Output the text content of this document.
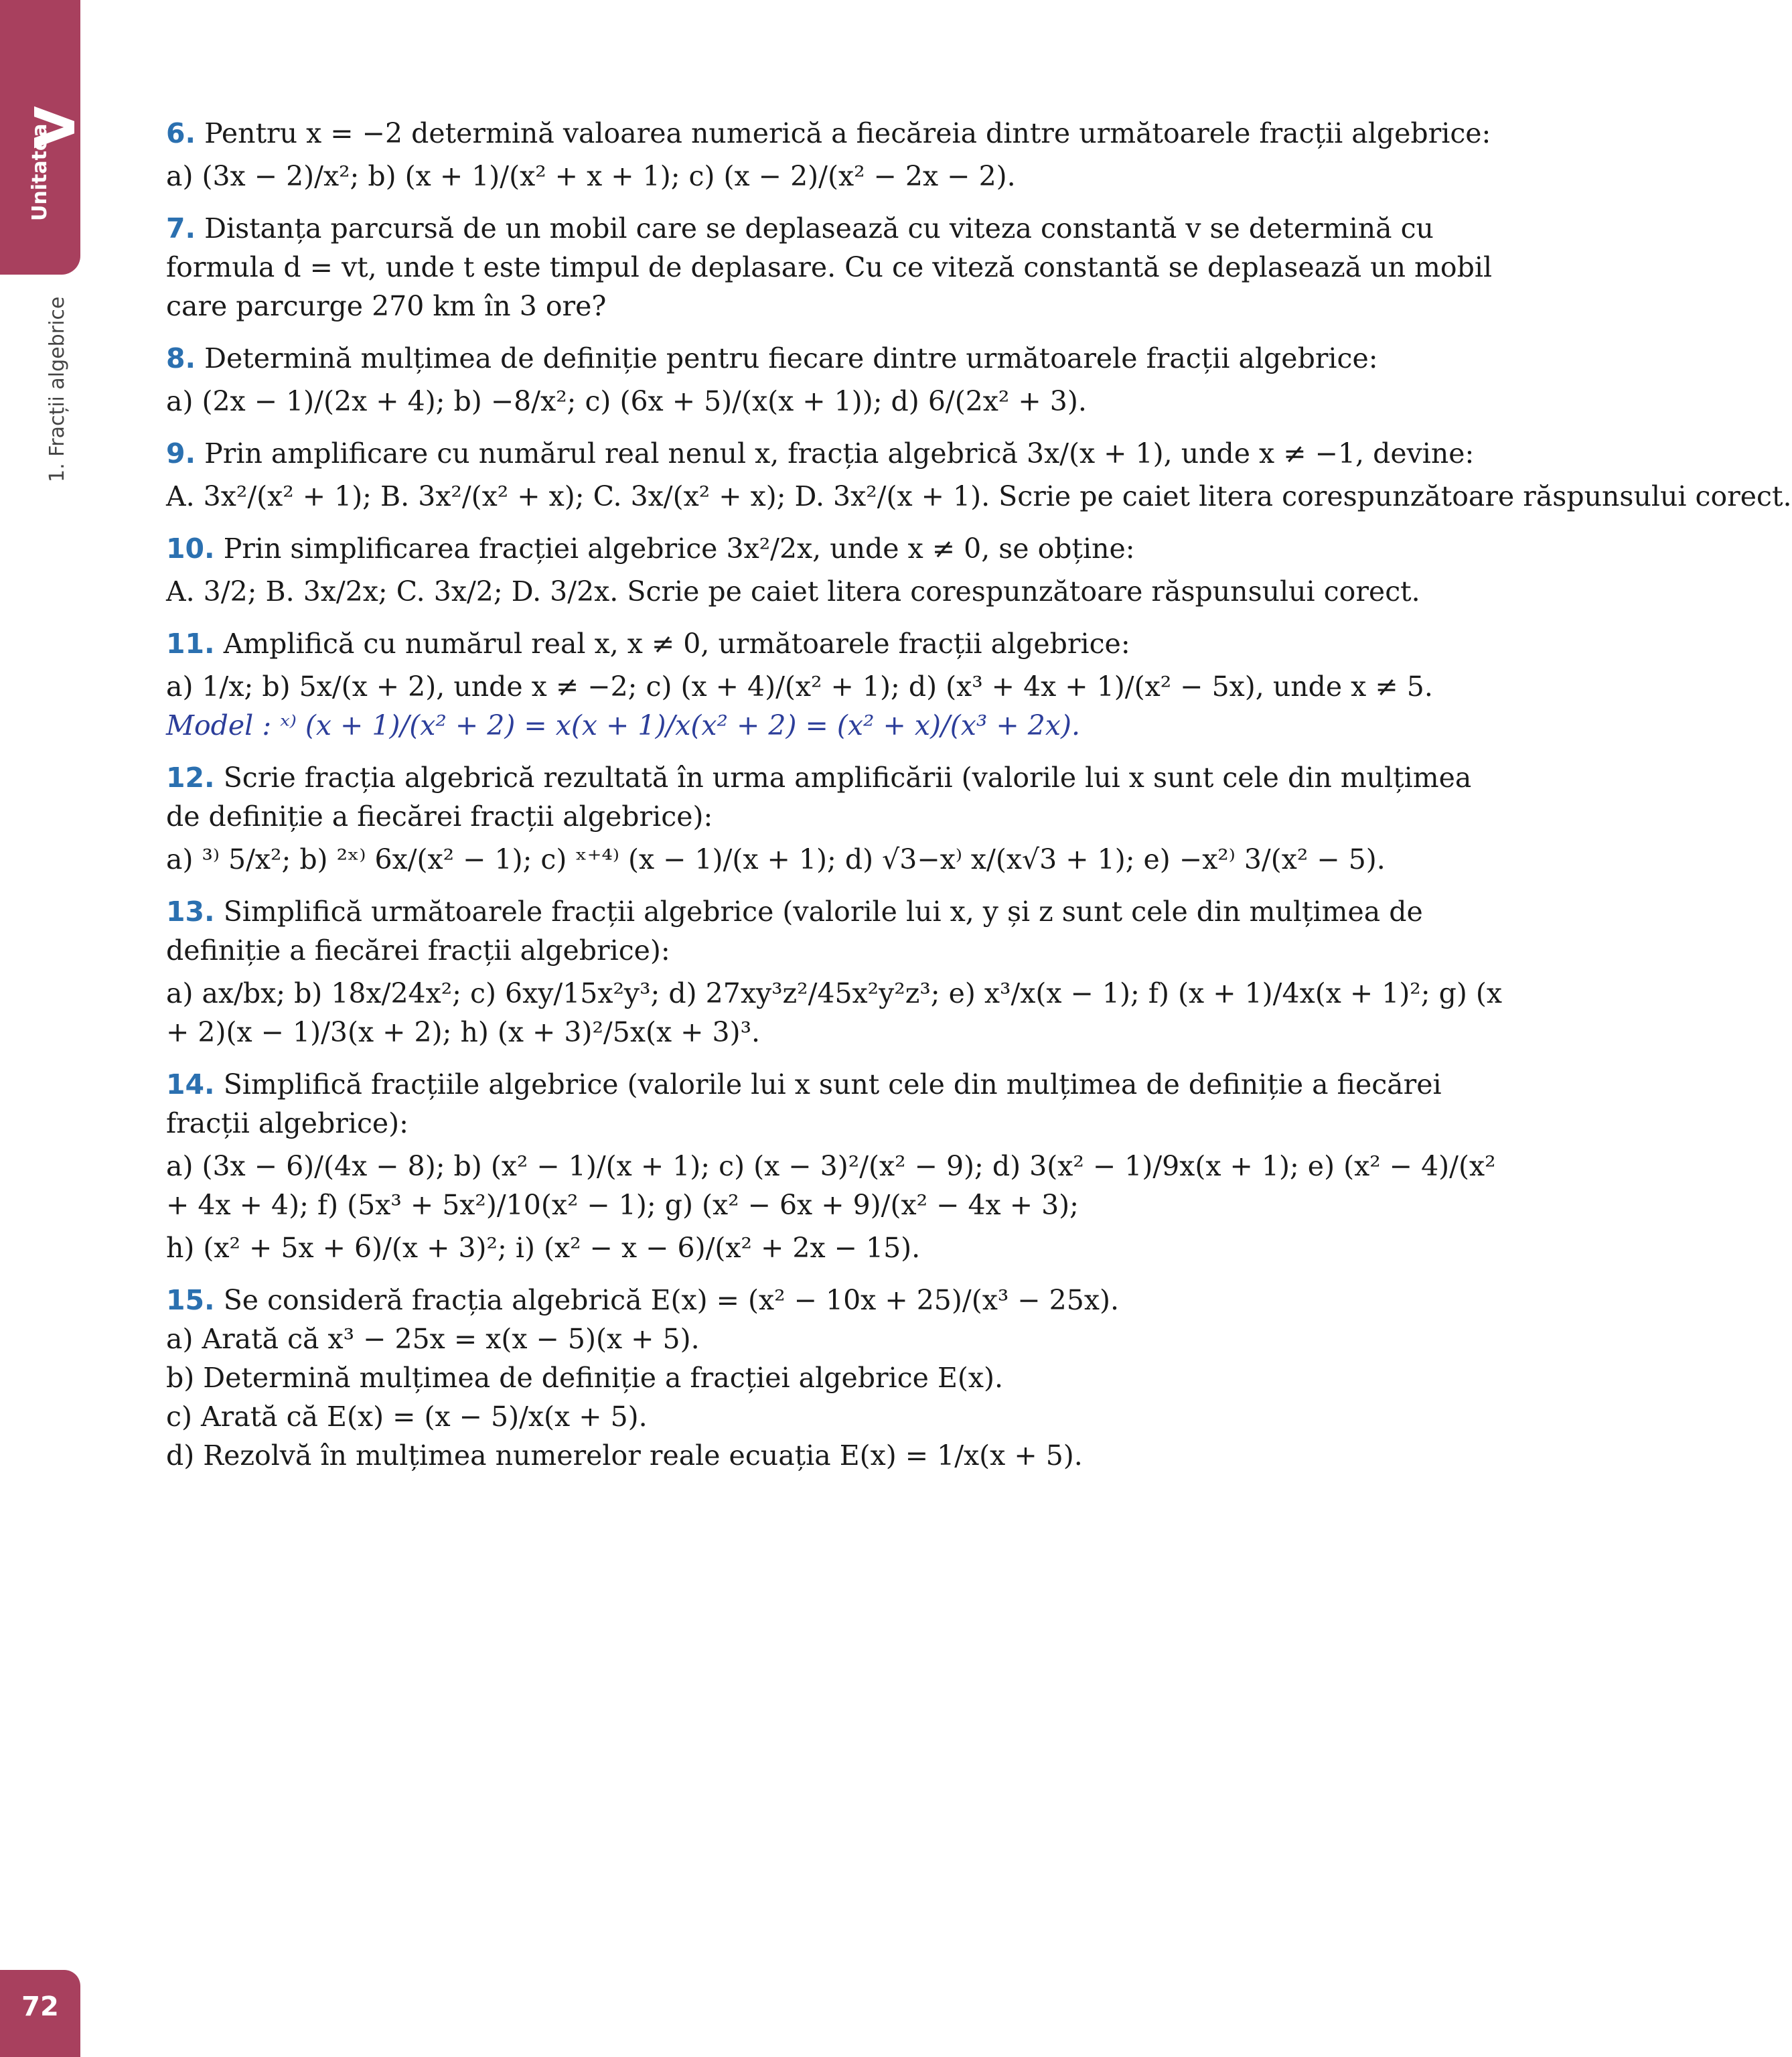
V
Unitatea
1. Fracții algebrice
6. Pentru x = −2 determină valoarea numerică a fiecăreia dintre următoarele fracții algebrice:
a) (3x − 2)/x²; b) (x + 1)/(x² + x + 1); c) (x − 2)/(x² − 2x − 2).
7. Distanța parcursă de un mobil care se deplasează cu viteza constantă v se determină cu formula d = vt, unde t este timpul de deplasare. Cu ce viteză constantă se deplasează un mobil care parcurge 270 km în 3 ore?
8. Determină mulțimea de definiție pentru fiecare dintre următoarele fracții algebrice:
a) (2x − 1)/(2x + 4); b) −8/x²; c) (6x + 5)/(x(x + 1)); d) 6/(2x² + 3).
9. Prin amplificare cu numărul real nenul x, fracția algebrică 3x/(x + 1), unde x ≠ −1, devine:
A. 3x²/(x² + 1); B. 3x²/(x² + x); C. 3x/(x² + x); D. 3x²/(x + 1). Scrie pe caiet litera corespunzătoare răspunsului corect.
10. Prin simplificarea fracției algebrice 3x²/2x, unde x ≠ 0, se obține:
A. 3/2; B. 3x/2x; C. 3x/2; D. 3/2x. Scrie pe caiet litera corespunzătoare răspunsului corect.
11. Amplifică cu numărul real x, x ≠ 0, următoarele fracții algebrice:
a) 1/x; b) 5x/(x + 2), unde x ≠ −2; c) (x + 4)/(x² + 1); d) (x³ + 4x + 1)/(x² − 5x), unde x ≠ 5.
Model : ˣ⁾ (x + 1)/(x² + 2) = x(x + 1)/x(x² + 2) = (x² + x)/(x³ + 2x).
12. Scrie fracția algebrică rezultată în urma amplificării (valorile lui x sunt cele din mulțimea de definiție a fiecărei fracții algebrice):
a) ³⁾ 5/x²; b) ²ˣ⁾ 6x/(x² − 1); c) ˣ⁺⁴⁾ (x − 1)/(x + 1); d) √3−x⁾ x/(x√3 + 1); e) −x²⁾ 3/(x² − 5).
13. Simplifică următoarele fracții algebrice (valorile lui x, y și z sunt cele din mulțimea de definiție a fiecărei fracții algebrice):
a) ax/bx; b) 18x/24x²; c) 6xy/15x²y³; d) 27xy³z²/45x²y²z³; e) x³/x(x − 1); f) (x + 1)/4x(x + 1)²; g) (x + 2)(x − 1)/3(x + 2); h) (x + 3)²/5x(x + 3)³.
14. Simplifică fracțiile algebrice (valorile lui x sunt cele din mulțimea de definiție a fiecărei fracții algebrice):
a) (3x − 6)/(4x − 8); b) (x² − 1)/(x + 1); c) (x − 3)²/(x² − 9); d) 3(x² − 1)/9x(x + 1); e) (x² − 4)/(x² + 4x + 4); f) (5x³ + 5x²)/10(x² − 1); g) (x² − 6x + 9)/(x² − 4x + 3);
h) (x² + 5x + 6)/(x + 3)²; i) (x² − x − 6)/(x² + 2x − 15).
15. Se consideră fracția algebrică E(x) = (x² − 10x + 25)/(x³ − 25x).
a) Arată că x³ − 25x = x(x − 5)(x + 5).
b) Determină mulțimea de definiție a fracției algebrice E(x).
c) Arată că E(x) = (x − 5)/x(x + 5).
d) Rezolvă în mulțimea numerelor reale ecuația E(x) = 1/x(x + 5).
72
